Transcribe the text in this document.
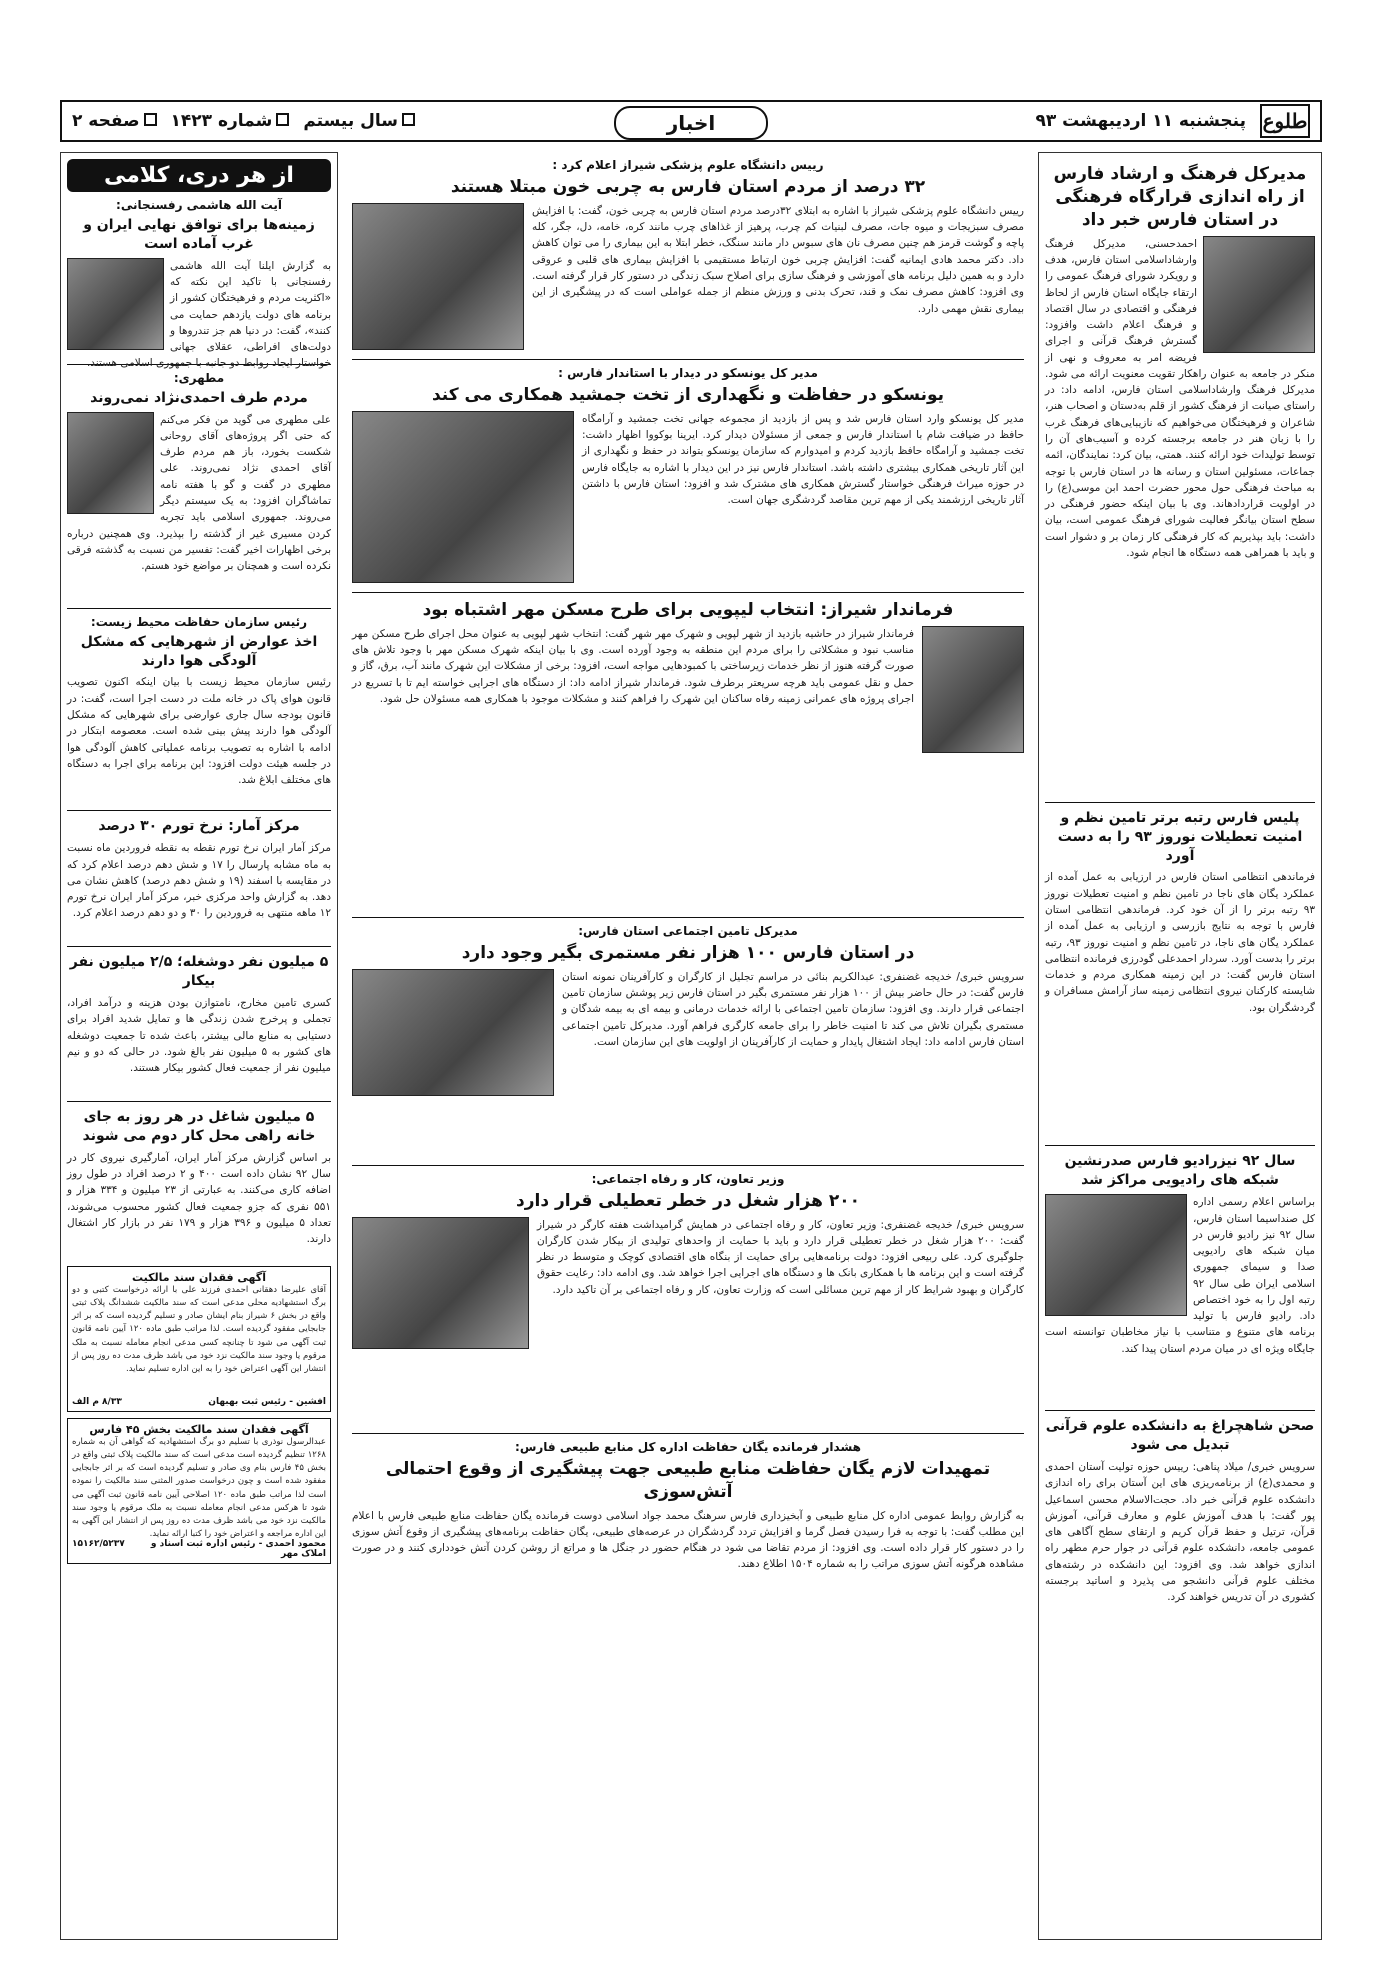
طلوع
پنجشنبه ۱۱ اردیبهشت ۹۳
اخبار
سال بیستم
شماره ۱۴۲۳
صفحه ۲
مدیرکل فرهنگ و ارشاد فارس از راه اندازی قرارگاه فرهنگی در استان فارس خبر داد
احمدحسنی، مدیرکل فرهنگ وارشاداسلامی استان فارس، هدف و رویکرد شورای فرهنگ عمومی را ارتقاء جایگاه استان فارس از لحاظ فرهنگی و اقتصادی در سال اقتصاد و فرهنگ اعلام داشت وافزود: گسترش فرهنگ قرآنی و اجرای فریضه امر به معروف و نهی از منکر در جامعه به عنوان راهکار تقویت معنویت ارائه می شود. مدیرکل فرهنگ وارشاداسلامی استان فارس، ادامه داد: در راستای صیانت از فرهنگ کشور از قلم به‌دستان و اصحاب هنر، شاعران و فرهیختگان می‌خواهیم که نازیبایی‌های فرهنگ غرب را با زبان هنر در جامعه برجسته کرده و آسیب‌های آن را توسط تولیدات خود ارائه کنند. همتی، بیان کرد: نمایندگان، ائمه جماعات، مسئولین استان و رسانه ها در استان فارس با توجه به مباحث فرهنگی حول محور حضرت احمد ابن موسی(ع) را در اولویت قراردادهاند. وی با بیان اینکه حضور فرهنگی در سطح استان بیانگر فعالیت شورای فرهنگ عمومی است، بیان داشت: باید بپذیریم که کار فرهنگی کار زمان بر و دشوار است و باید با همراهی همه دستگاه ها انجام شود.
پلیس فارس رتبه برتر تامین نظم و امنیت تعطیلات نوروز ۹۳ را به دست آورد
فرماندهی انتظامی استان فارس در ارزیابی به عمل آمده از عملکرد یگان های ناجا در تامین نظم و امنیت تعطیلات نوروز ۹۳ رتبه برتر را از آن خود کرد. فرماندهی انتظامی استان فارس با توجه به نتایج بازرسی و ارزیابی به عمل آمده از عملکرد یگان های ناجا، در تامین نظم و امنیت نوروز ۹۳، رتبه برتر را بدست آورد. سردار احمدعلی گودرزی فرمانده انتظامی استان فارس گفت: در این زمینه همکاری مردم و خدمات شایسته کارکنان نیروی انتظامی زمینه ساز آرامش مسافران و گردشگران بود.
سال ۹۲ نیزرادیو فارس صدرنشین شبکه های رادیویی مراکز شد
براساس اعلام رسمی اداره کل صنداسیما استان فارس، سال ۹۲ نیز رادیو فارس در میان شبکه های رادیویی صدا و سیمای جمهوری اسلامی ایران طی سال ۹۲ رتبه اول را به خود اختصاص داد. رادیو فارس با تولید برنامه های متنوع و متناسب با نیاز مخاطبان توانسته است جایگاه ویژه ای در میان مردم استان پیدا کند.
صحن شاهچراغ به دانشکده علوم قرآنی تبدیل می شود
سرویس خبری/ میلاد پناهی: رییس حوزه تولیت آستان احمدی و محمدی(ع) از برنامه‌ریزی های این آستان برای راه اندازی دانشکده علوم قرآنی خبر داد. حجت‌الاسلام محسن اسماعیل پور گفت: با هدف آموزش علوم و معارف قرآنی، آموزش قرآن، ترتیل و حفظ قرآن کریم و ارتقای سطح آگاهی های عمومی جامعه، دانشکده علوم قرآنی در جوار حرم مطهر راه اندازی خواهد شد. وی افزود: این دانشکده در رشته‌های مختلف علوم قرآنی دانشجو می پذیرد و اساتید برجسته کشوری در آن تدریس خواهند کرد.
رییس دانشگاه علوم پزشکی شیراز اعلام کرد :
۳۲ درصد از مردم استان فارس به چربی خون مبتلا هستند
رییس دانشگاه علوم پزشکی شیراز با اشاره به ابتلای ۳۲درصد مردم استان فارس به چربی خون، گفت: با افزایش مصرف سبزیجات و میوه جات، مصرف لبنیات کم چرب، پرهیز از غذاهای چرب مانند کره، خامه، دل، جگر، کله پاچه و گوشت قرمز هم چنین مصرف نان های سبوس دار مانند سنگک، خطر ابتلا به این بیماری را می توان کاهش داد. دکتر محمد هادی ایمانیه گفت: افزایش چربی خون ارتباط مستقیمی با افزایش بیماری های قلبی و عروقی دارد و به همین دلیل برنامه های آموزشی و فرهنگ سازی برای اصلاح سبک زندگی در دستور کار قرار گرفته است. وی افزود: کاهش مصرف نمک و قند، تحرک بدنی و ورزش منظم از جمله عواملی است که در پیشگیری از این بیماری نقش مهمی دارد.
مدیر کل یونسکو در دیدار با استاندار فارس :
یونسکو در حفاظت و نگهداری از تخت جمشید همکاری می کند
مدیر کل یونسکو وارد استان فارس شد و پس از بازدید از مجموعه جهانی تخت جمشید و آرامگاه حافظ در ضیافت شام با استاندار فارس و جمعی از مسئولان دیدار کرد. ایرینا بوکووا اظهار داشت: تخت جمشید و آرامگاه حافظ بازدید کردم و امیدوارم که سازمان یونسکو بتواند در حفظ و نگهداری از این آثار تاریخی همکاری بیشتری داشته باشد. استاندار فارس نیز در این دیدار با اشاره به جایگاه فارس در حوزه میراث فرهنگی خواستار گسترش همکاری های مشترک شد و افزود: استان فارس با داشتن آثار تاریخی ارزشمند یکی از مهم ترین مقاصد گردشگری جهان است.
فرماندار شیراز: انتخاب لیپویی برای طرح مسکن مهر اشتباه بود
فرماندار شیراز در حاشیه بازدید از شهر لپویی و شهرک مهر شهر گفت: انتخاب شهر لپویی به عنوان محل اجرای طرح مسکن مهر مناسب نبود و مشکلاتی را برای مردم این منطقه به وجود آورده است. وی با بیان اینکه شهرک مسکن مهر با وجود تلاش های صورت گرفته هنوز از نظر خدمات زیرساختی با کمبودهایی مواجه است، افزود: برخی از مشکلات این شهرک مانند آب، برق، گاز و حمل و نقل عمومی باید هرچه سریعتر برطرف شود. فرماندار شیراز ادامه داد: از دستگاه های اجرایی خواسته ایم تا با تسریع در اجرای پروژه های عمرانی زمینه رفاه ساکنان این شهرک را فراهم کنند و مشکلات موجود با همکاری همه مسئولان حل شود.
مدیرکل تامین اجتماعی استان فارس:
در استان فارس ۱۰۰ هزار نفر مستمری بگیر وجود دارد
سرویس خبری/ خدیجه غضنفری: عبدالکریم بنائی در مراسم تجلیل از کارگران و کارآفرینان نمونه استان فارس گفت: در حال حاضر بیش از ۱۰۰ هزار نفر مستمری بگیر در استان فارس زیر پوشش سازمان تامین اجتماعی قرار دارند. وی افزود: سازمان تامین اجتماعی با ارائه خدمات درمانی و بیمه ای به بیمه شدگان و مستمری بگیران تلاش می کند تا امنیت خاطر را برای جامعه کارگری فراهم آورد. مدیرکل تامین اجتماعی استان فارس ادامه داد: ایجاد اشتغال پایدار و حمایت از کارآفرینان از اولویت های این سازمان است.
وزیر تعاون، کار و رفاه اجتماعی:
۲۰۰ هزار شغل در خطر تعطیلی قرار دارد
سرویس خبری/ خدیجه غضنفری: وزیر تعاون، کار و رفاه اجتماعی در همایش گرامیداشت هفته کارگر در شیراز گفت: ۲۰۰ هزار شغل در خطر تعطیلی قرار دارد و باید با حمایت از واحدهای تولیدی از بیکار شدن کارگران جلوگیری کرد. علی ربیعی افزود: دولت برنامه‌هایی برای حمایت از بنگاه های اقتصادی کوچک و متوسط در نظر گرفته است و این برنامه ها با همکاری بانک ها و دستگاه های اجرایی اجرا خواهد شد. وی ادامه داد: رعایت حقوق کارگران و بهبود شرایط کار از مهم ترین مسائلی است که وزارت تعاون، کار و رفاه اجتماعی بر آن تاکید دارد.
هشدار فرمانده یگان حفاظت اداره کل منابع طبیعی فارس:
تمهیدات لازم یگان حفاظت منابع طبیعی جهت پیشگیری از وقوع احتمالی آتش‌سوزی
به گزارش روابط عمومی اداره کل منابع طبیعی و آبخیزداری فارس سرهنگ محمد جواد اسلامی دوست فرمانده یگان حفاظت منابع طبیعی فارس با اعلام این مطلب گفت: با توجه به فرا رسیدن فصل گرما و افزایش تردد گردشگران در عرصه‌های طبیعی، یگان حفاظت برنامه‌های پیشگیری از وقوع آتش سوزی را در دستور کار قرار داده است. وی افزود: از مردم تقاضا می شود در هنگام حضور در جنگل ها و مراتع از روشن کردن آتش خودداری کنند و در صورت مشاهده هرگونه آتش سوزی مراتب را به شماره ۱۵۰۴ اطلاع دهند.
از هر دری، کلامی
آیت الله هاشمی رفسنجانی:
زمینه‌ها برای توافق نهایی ایران و غرب آماده است
به گزارش ایلنا آیت الله هاشمی رفسنجانی با تاکید این نکته که «اکثریت مردم و فرهیختگان کشور از برنامه های دولت یازدهم حمایت می کنند»، گفت: در دنیا هم جز تندروها و دولت‌های افراطی، عقلای جهانی خواستار ایجاد روابط دو جانبه با جمهوری اسلامی هستند.
مطهری:
مردم طرف احمدی‌نژاد نمی‌روند
علی مطهری می گوید من فکر می‌کنم که حتی اگر پروژه‌های آقای روحانی شکست بخورد، باز هم مردم طرف آقای احمدی نژاد نمی‌روند. علی مطهری در گفت و گو با هفته نامه تماشاگران افزود: به یک سیستم دیگر می‌روند. جمهوری اسلامی باید تجربه کردن مسیری غیر از گذشته را بپذیرد. وی همچنین درباره برخی اظهارات اخیر گفت: تفسیر من نسبت به گذشته فرقی نکرده است و همچنان بر مواضع خود هستم.
رئیس سازمان حفاظت محیط زیست:
اخذ عوارض از شهرهایی که مشکل آلودگی هوا دارند
رئیس سازمان محیط زیست با بیان اینکه اکنون تصویب قانون هوای پاک در خانه ملت در دست اجرا است، گفت: در قانون بودجه سال جاری عوارضی برای شهرهایی که مشکل آلودگی هوا دارند پیش بینی شده است. معصومه ابتکار در ادامه با اشاره به تصویب برنامه عملیاتی کاهش آلودگی هوا در جلسه هیئت دولت افزود: این برنامه برای اجرا به دستگاه های مختلف ابلاغ شد.
مرکز آمار: نرخ تورم ۳۰ درصد
مرکز آمار ایران نرخ تورم نقطه به نقطه فروردین ماه نسبت به ماه مشابه پارسال را ۱۷ و شش دهم درصد اعلام کرد که در مقایسه با اسفند (۱۹ و شش دهم درصد) کاهش نشان می دهد. به گزارش واحد مرکزی خبر، مرکز آمار ایران نرخ تورم ۱۲ ماهه منتهی به فروردین را ۳۰ و دو دهم درصد اعلام کرد.
۵ میلیون نفر دوشغله؛ ۲/۵ میلیون نفر بیکار
کسری تامین مخارج، نامتوازن بودن هزینه و درآمد افراد، تجملی و پرخرج شدن زندگی ها و تمایل شدید افراد برای دستیابی به منابع مالی بیشتر، باعث شده تا جمعیت دوشغله های کشور به ۵ میلیون نفر بالغ شود. در حالی که دو و نیم میلیون نفر از جمعیت فعال کشور بیکار هستند.
۵ میلیون شاغل در هر روز به جای خانه راهی محل کار دوم می شوند
بر اساس گزارش مرکز آمار ایران، آمارگیری نیروی کار در سال ۹۲ نشان داده است ۴۰۰ و ۲ درصد افراد در طول روز اضافه کاری می‌کنند. به عبارتی از ۲۳ میلیون و ۳۳۴ هزار و ۵۵۱ نفری که جزو جمعیت فعال کشور محسوب می‌شوند، تعداد ۵ میلیون و ۳۹۶ هزار و ۱۷۹ نفر در بازار کار اشتغال دارند.
آگهی فقدان سند مالکیت
آقای علیرضا دهقانی احمدی فرزند علی با ارائه درخواست کتبی و دو برگ استشهادیه محلی مدعی است که سند مالکیت ششدانگ پلاک ثبتی واقع در بخش ۶ شیراز بنام ایشان صادر و تسلیم گردیده است که بر اثر جابجایی مفقود گردیده است. لذا مراتب طبق ماده ۱۲۰ آیین نامه قانون ثبت آگهی می شود تا چنانچه کسی مدعی انجام معامله نسبت به ملک مرقوم یا وجود سند مالکیت نزد خود می باشد ظرف مدت ده روز پس از انتشار این آگهی اعتراض خود را به این اداره تسلیم نماید.
افشین - رئیس ثبت بهبهان
۸/۳۳ م الف
آگهی فقدان سند مالکیت بخش ۴۵ فارس
عبدالرسول نوذری با تسلیم دو برگ استشهادیه که گواهی آن به شماره ۱۲۶۸ تنظیم گردیده است مدعی است که سند مالکیت پلاک ثبتی واقع در بخش ۴۵ فارس بنام وی صادر و تسلیم گردیده است که بر اثر جابجایی مفقود شده است و چون درخواست صدور المثنی سند مالکیت را نموده است لذا مراتب طبق ماده ۱۲۰ اصلاحی آیین نامه قانون ثبت آگهی می شود تا هرکس مدعی انجام معامله نسبت به ملک مرقوم یا وجود سند مالکیت نزد خود می باشد ظرف مدت ده روز پس از انتشار این آگهی به این اداره مراجعه و اعتراض خود را کتبا ارائه نماید.
محمود احمدی - رئیس اداره ثبت اسناد و املاک مهر
۱۵۱۶۲/۵۲۳۷
